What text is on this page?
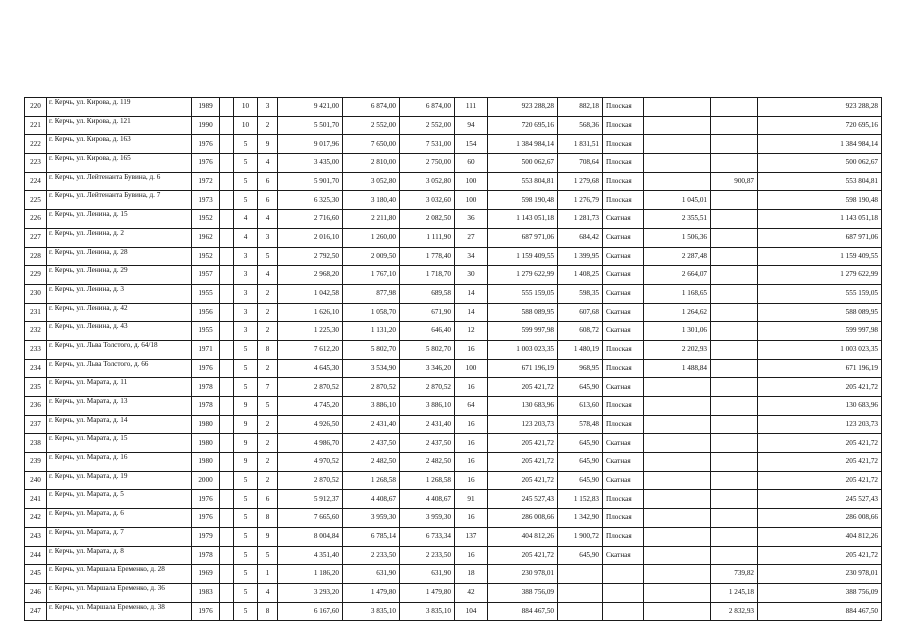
220	г. Керчь, ул. Кирова, д. 119	1989		10	3	9 421,00	6 874,00	6 874,00	111	923 288,28	882,18	Плоская			923 288,28
221	г. Керчь, ул. Кирова, д. 121	1990		10	2	5 501,70	2 552,00	2 552,00	94	720 695,16	568,36	Плоская			720 695,16
222	г. Керчь, ул. Кирова, д. 163	1976		5	9	9 017,96	7 650,00	7 531,00	154	1 384 984,14	1 831,51	Плоская			1 384 984,14
223	г. Керчь, ул. Кирова, д. 165	1976		5	4	3 435,00	2 810,00	2 750,00	60	500 062,67	708,64	Плоская			500 062,67
224	г. Керчь, ул. Лейтенанта Бувина, д. 6	1972		5	6	5 901,70	3 052,80	3 052,80	100	553 804,81	1 279,68	Плоская		900,87	553 804,81
225	г. Керчь, ул. Лейтенанта Бувина, д. 7	1973		5	6	6 325,30	3 180,40	3 032,60	100	598 190,48	1 276,79	Плоская	1 045,01		598 190,48
226	г. Керчь, ул. Ленина, д. 15	1952		4	4	2 716,60	2 211,80	2 082,50	36	1 143 051,18	1 281,73	Скатная	2 355,51		1 143 051,18
227	г. Керчь, ул. Ленина, д. 2	1962		4	3	2 016,10	1 260,00	1 111,90	27	687 971,06	684,42	Скатная	1 506,36		687 971,06
228	г. Керчь, ул. Ленина, д. 28	1952		3	5	2 792,50	2 009,50	1 778,40	34	1 159 409,55	1 399,95	Скатная	2 287,48		1 159 409,55
229	г. Керчь, ул. Ленина, д. 29	1957		3	4	2 968,20	1 767,10	1 718,70	30	1 279 622,99	1 408,25	Скатная	2 664,07		1 279 622,99
230	г. Керчь, ул. Ленина, д. 3	1955		3	2	1 042,58	877,98	689,58	14	555 159,05	598,35	Скатная	1 168,65		555 159,05
231	г. Керчь, ул. Ленина, д. 42	1956		3	2	1 626,10	1 058,70	671,90	14	588 089,95	607,68	Скатная	1 264,62		588 089,95
232	г. Керчь, ул. Ленина, д. 43	1955		3	2	1 225,30	1 131,20	646,40	12	599 997,98	608,72	Скатная	1 301,06		599 997,98
233	г. Керчь, ул. Льва Толстого, д. 64/18	1971		5	8	7 612,20	5 802,70	5 802,70	16	1 003 023,35	1 480,19	Плоская	2 202,93		1 003 023,35
234	г. Керчь, ул. Льва Толстого, д. 66	1976		5	2	4 645,30	3 534,90	3 346,20	100	671 196,19	968,95	Плоская	1 488,84		671 196,19
235	г. Керчь, ул. Марата, д. 11	1978		5	7	2 870,52	2 870,52	2 870,52	16	205 421,72	645,90	Скатная			205 421,72
236	г. Керчь, ул. Марата, д. 13	1978		9	5	4 745,20	3 886,10	3 886,10	64	130 683,96	613,60	Плоская			130 683,96
237	г. Керчь, ул. Марата, д. 14	1980		9	2	4 926,50	2 431,40	2 431,40	16	123 203,73	578,48	Плоская			123 203,73
238	г. Керчь, ул. Марата, д. 15	1980		9	2	4 986,70	2 437,50	2 437,50	16	205 421,72	645,90	Скатная			205 421,72
239	г. Керчь, ул. Марата, д. 16	1980		9	2	4 970,52	2 482,50	2 482,50	16	205 421,72	645,90	Скатная			205 421,72
240	г. Керчь, ул. Марата, д. 19	2000		5	2	2 870,52	1 268,58	1 268,58	16	205 421,72	645,90	Скатная			205 421,72
241	г. Керчь, ул. Марата, д. 5	1976		5	6	5 912,37	4 408,67	4 408,67	91	245 527,43	1 152,83	Плоская			245 527,43
242	г. Керчь, ул. Марата, д. 6	1976		5	8	7 665,60	3 959,30	3 959,30	16	286 008,66	1 342,90	Плоская			286 008,66
243	г. Керчь, ул. Марата, д. 7	1979		5	9	8 004,84	6 785,14	6 733,34	137	404 812,26	1 900,72	Плоская			404 812,26
244	г. Керчь, ул. Марата, д. 8	1978		5	5	4 351,40	2 233,50	2 233,50	16	205 421,72	645,90	Скатная			205 421,72
245	г. Керчь, ул. Маршала Еременко, д. 28	1969		5	1	1 186,20	631,90	631,90	18	230 978,01				739,82	230 978,01
246	г. Керчь, ул. Маршала Еременко, д. 36	1983		5	4	3 293,20	1 479,80	1 479,80	42	388 756,09				1 245,18	388 756,09
247	г. Керчь, ул. Маршала Еременко, д. 38	1976		5	8	6 167,60	3 835,10	3 835,10	104	884 467,50				2 832,93	884 467,50
